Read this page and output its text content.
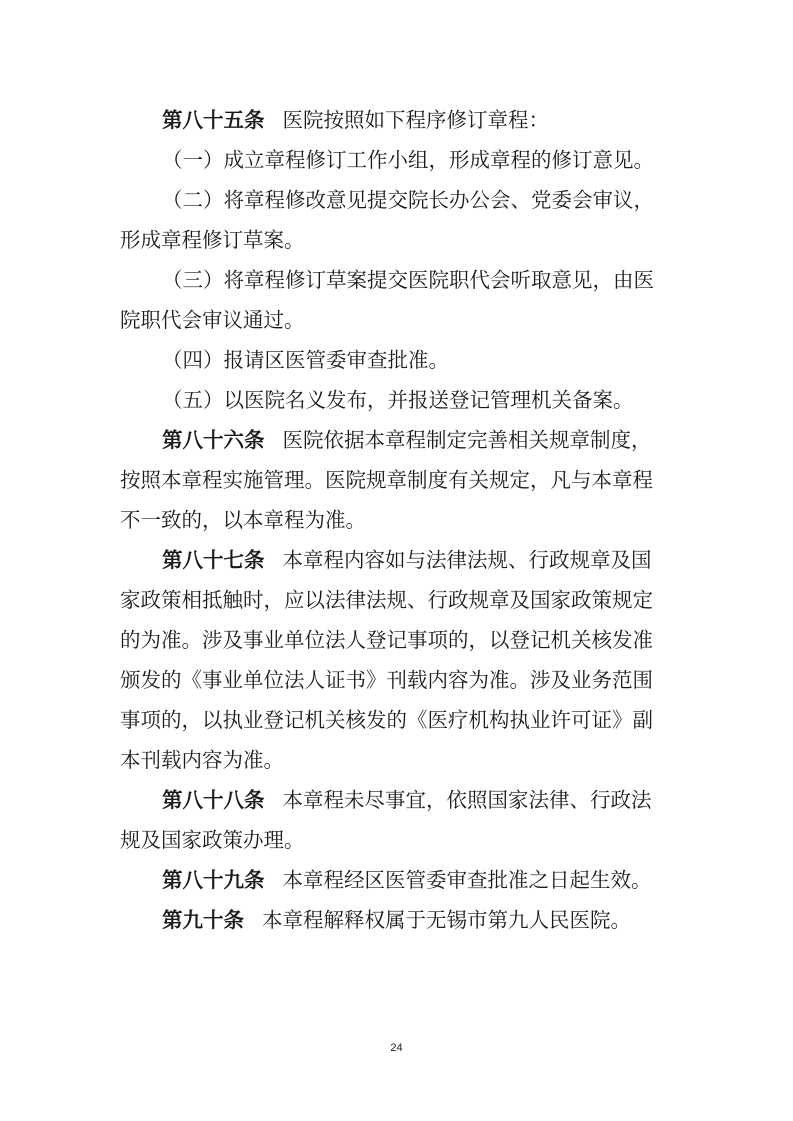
第八十五条 医院按照如下程序修订章程：
（一）成立章程修订工作小组，形成章程的修订意见。
（二）将章程修改意见提交院长办公会、党委会审议，
形成章程修订草案。
（三）将章程修订草案提交医院职代会听取意见，由医
院职代会审议通过。
（四）报请区医管委审查批准。
（五）以医院名义发布，并报送登记管理机关备案。
第八十六条 医院依据本章程制定完善相关规章制度，
按照本章程实施管理。医院规章制度有关规定，凡与本章程
不一致的，以本章程为准。
第八十七条 本章程内容如与法律法规、行政规章及国
家政策相抵触时，应以法律法规、行政规章及国家政策规定
的为准。涉及事业单位法人登记事项的，以登记机关核发准
颁发的《事业单位法人证书》刊载内容为准。涉及业务范围
事项的，以执业登记机关核发的《医疗机构执业许可证》副
本刊载内容为准。
第八十八条 本章程未尽事宜，依照国家法律、行政法
规及国家政策办理。
第八十九条 本章程经区医管委审查批准之日起生效。
第九十条 本章程解释权属于无锡市第九人民医院。
24
